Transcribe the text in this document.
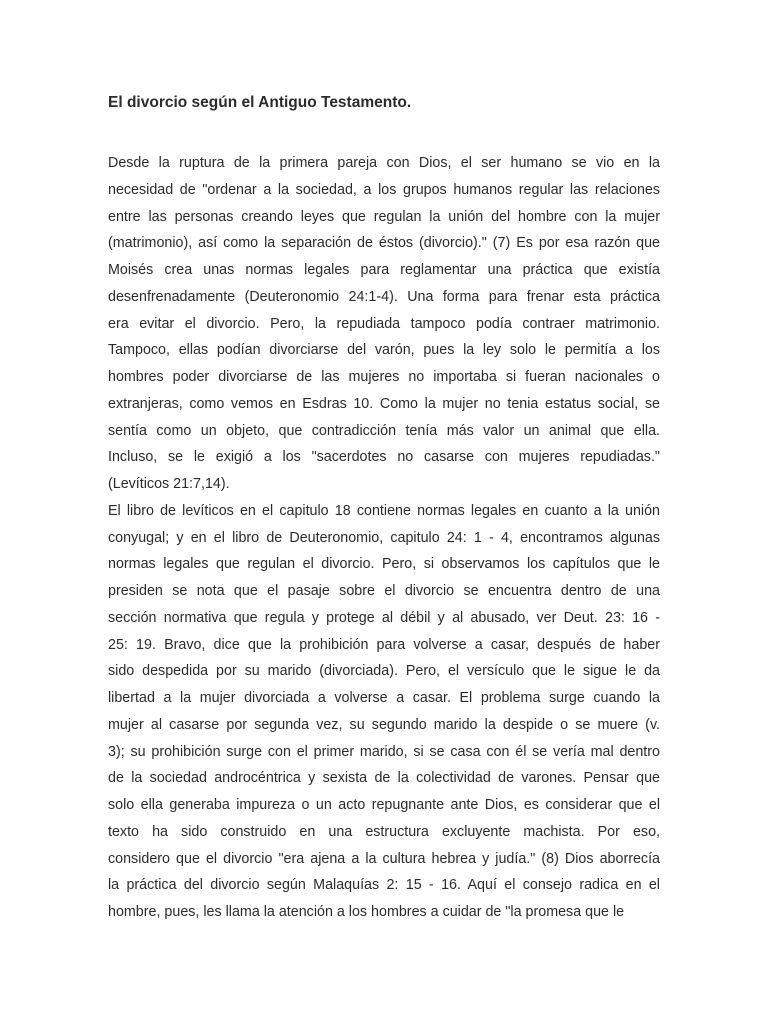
El divorcio según el Antiguo Testamento.
Desde la ruptura de la primera pareja con Dios, el ser humano se vio en la
necesidad de "ordenar a la sociedad, a los grupos humanos regular las relaciones
entre las personas creando leyes que regulan la unión del hombre con la mujer
(matrimonio), así como la separación de éstos (divorcio)." (7) Es por esa razón que
Moisés crea unas normas legales para reglamentar una práctica que existía
desenfrenadamente (Deuteronomio 24:1-4). Una forma para frenar esta práctica
era evitar el divorcio. Pero, la repudiada tampoco podía contraer matrimonio.
Tampoco, ellas podían divorciarse del varón, pues la ley solo le permitía a los
hombres poder divorciarse de las mujeres no importaba si fueran nacionales o
extranjeras, como vemos en Esdras 10. Como la mujer no tenia estatus social, se
sentía como un objeto, que contradicción tenía más valor un animal que ella.
Incluso, se le exigió a los "sacerdotes no casarse con mujeres repudiadas."
(Levíticos 21:7,14).
El libro de levíticos en el capitulo 18 contiene normas legales en cuanto a la unión
conyugal; y en el libro de Deuteronomio, capitulo 24: 1 - 4, encontramos algunas
normas legales que regulan el divorcio. Pero, si observamos los capítulos que le
presiden se nota que el pasaje sobre el divorcio se encuentra dentro de una
sección normativa que regula y protege al débil y al abusado, ver Deut. 23: 16 -
25: 19. Bravo, dice que la prohibición para volverse a casar, después de haber
sido despedida por su marido (divorciada). Pero, el versículo que le sigue le da
libertad a la mujer divorciada a volverse a casar. El problema surge cuando la
mujer al casarse por segunda vez, su segundo marido la despide o se muere (v.
3); su prohibición surge con el primer marido, si se casa con él se vería mal dentro
de la sociedad androcéntrica y sexista de la colectividad de varones. Pensar que
solo ella generaba impureza o un acto repugnante ante Dios, es considerar que el
texto ha sido construido en una estructura excluyente machista. Por eso,
considero que el divorcio "era ajena a la cultura hebrea y judía." (8) Dios aborrecía
la práctica del divorcio según Malaquías 2: 15 - 16. Aquí el consejo radica en el
hombre, pues, les llama la atención a los hombres a cuidar de "la promesa que le
